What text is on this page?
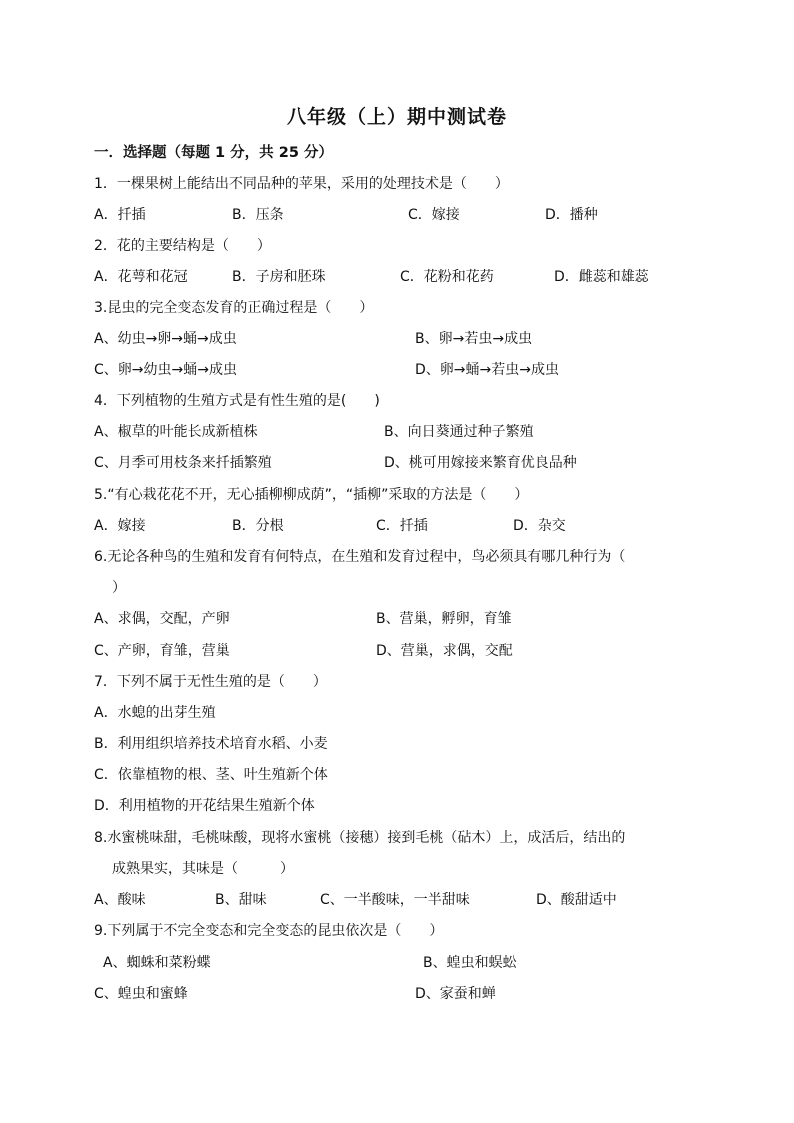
八年级（上）期中测试卷
一．选择题（每题 1 分，共 25 分）
1．一棵果树上能结出不同品种的苹果，采用的处理技术是（　　）
A．扦插	B．压条	C．嫁接	D．播种
2．花的主要结构是（　　）
A．花萼和花冠	B．子房和胚珠	C．花粉和花药	D．雌蕊和雄蕊
3.昆虫的完全变态发育的正确过程是（　　）
A、幼虫→卵→蛹→成虫	B、卵→若虫→成虫
C、卵→幼虫→蛹→成虫	D、卵→蛹→若虫→成虫
4．下列植物的生殖方式是有性生殖的是(　　)
A、椒草的叶能长成新植株	B、向日葵通过种子繁殖
C、月季可用枝条来扦插繁殖	D、桃可用嫁接来繁育优良品种
5.“有心栽花花不开，无心插柳柳成荫”，“插柳”采取的方法是（　　）
A．嫁接	B．分根	C．扦插	D．杂交
6.无论各种鸟的生殖和发育有何特点，在生殖和发育过程中，鸟必须具有哪几种行为（
）
A、求偶，交配，产卵	B、营巢，孵卵，育雏
C、产卵，育雏，营巢	D、营巢，求偶，交配
7．下列不属于无性生殖的是（　　）
A．水螅的出芽生殖
B．利用组织培养技术培育水稻、小麦
C．依靠植物的根、茎、叶生殖新个体
D．利用植物的开花结果生殖新个体
8.水蜜桃味甜，毛桃味酸，现将水蜜桃（接穗）接到毛桃（砧木）上，成活后，结出的
成熟果实，其味是（　　　）
A、酸味	B、甜味	C、一半酸味，一半甜味	D、酸甜适中
9.下列属于不完全变态和完全变态的昆虫依次是（　　）
A、蜘蛛和菜粉蝶	B、蝗虫和蜈蚣
C、蝗虫和蜜蜂	D、家蚕和蝉
